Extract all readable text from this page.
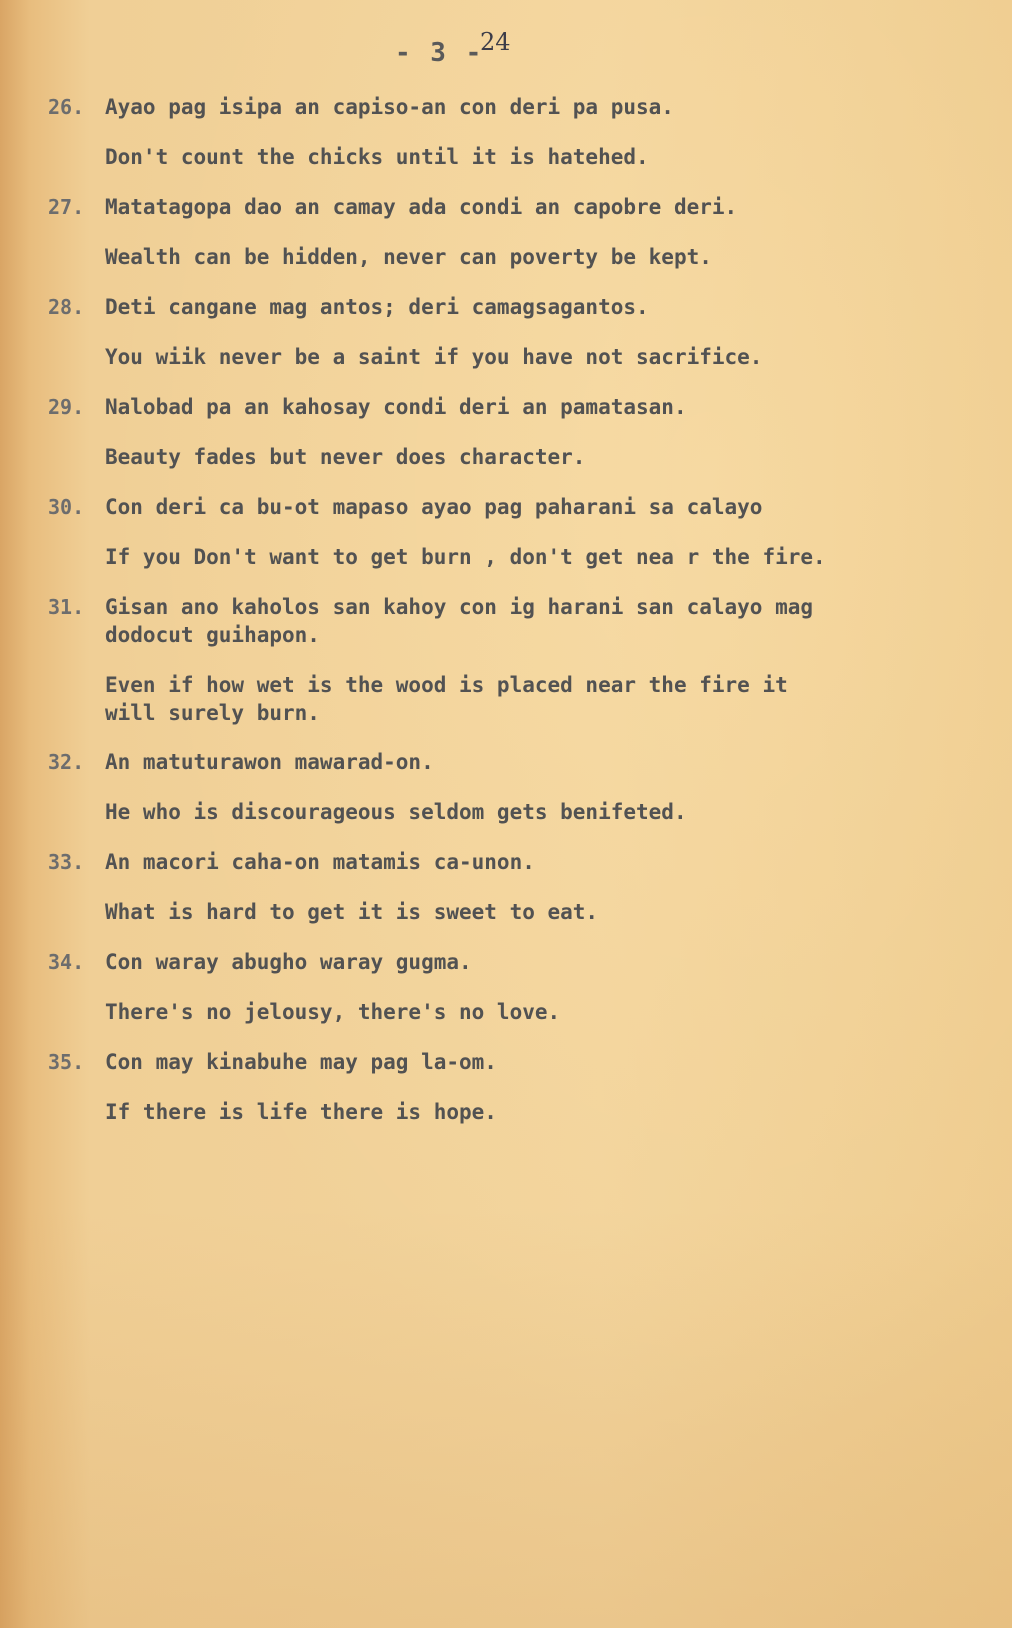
- 3 -
24
26. Ayao pag isipa an capiso-an con deri pa pusa.
Don't count the chicks until it is hatehed.
27. Matatagopa dao an camay ada condi an capobre deri.
Wealth can be hidden, never can poverty be kept.
28. Deti cangane mag antos; deri camagsagantos.
You wiik never be a saint if you have not sacrifice.
29. Nalobad pa an kahosay condi deri an pamatasan.
Beauty fades but never does character.
30. Con deri ca bu-ot mapaso ayao pag paharani sa calayo
If you Don't want to get burn , don't get nea r the fire.
31. Gisan ano kaholos san kahoy con ig harani san calayo mag
dodocut guihapon.
Even if how wet is the wood is placed near the fire it
will surely burn.
32. An matuturawon mawarad-on.
He who is discourageous seldom gets benifeted.
33. An macori caha-on matamis ca-unon.
What is hard to get it is sweet to eat.
34. Con waray abugho waray gugma.
There's no jelousy, there's no love.
35. Con may kinabuhe may pag la-om.
If there is life there is hope.
